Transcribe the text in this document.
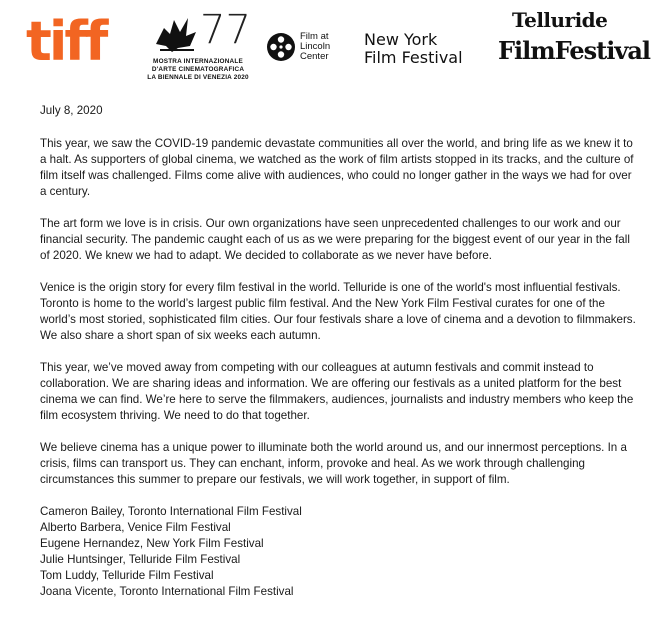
tiff 77
MOSTRA INTERNAZIONALE
D'ARTE CINEMATOGRAFICA
LA BIENNALE DI VENEZIA 2020
Film at
Lincoln
Center
New York
Film Festival
Telluride
FilmFestival

July 8, 2020

This year, we saw the COVID-19 pandemic devastate communities all over the world, and bring life as we knew it to a halt. As supporters of global cinema, we watched as the work of film artists stopped in its tracks, and the culture of film itself was challenged. Films come alive with audiences, who could no longer gather in the ways we had for over a century.

The art form we love is in crisis. Our own organizations have seen unprecedented challenges to our work and our financial security. The pandemic caught each of us as we were preparing for the biggest event of our year in the fall of 2020. We knew we had to adapt. We decided to collaborate as we never have before.

Venice is the origin story for every film festival in the world. Telluride is one of the world's most influential festivals. Toronto is home to the world’s largest public film festival. And the New York Film Festival curates for one of the world’s most storied, sophisticated film cities. Our four festivals share a love of cinema and a devotion to filmmakers. We also share a short span of six weeks each autumn.

This year, we’ve moved away from competing with our colleagues at autumn festivals and commit instead to collaboration. We are sharing ideas and information. We are offering our festivals as a united platform for the best cinema we can find. We’re here to serve the filmmakers, audiences, journalists and industry members who keep the film ecosystem thriving. We need to do that together.

We believe cinema has a unique power to illuminate both the world around us, and our innermost perceptions. In a crisis, films can transport us. They can enchant, inform, provoke and heal. As we work through challenging circumstances this summer to prepare our festivals, we will work together, in support of film.

Cameron Bailey, Toronto International Film Festival
Alberto Barbera, Venice Film Festival
Eugene Hernandez, New York Film Festival
Julie Huntsinger, Telluride Film Festival
Tom Luddy, Telluride Film Festival
Joana Vicente, Toronto International Film Festival
